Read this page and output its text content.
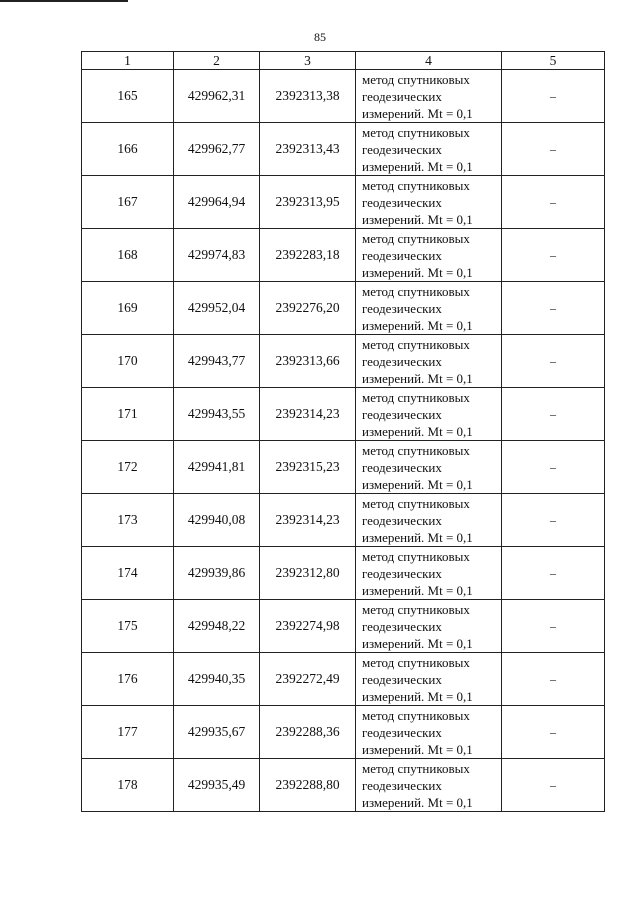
85
1	2	3	4	5
165	429962,31	2392313,38	метод спутниковых геодезических измерений. Mt = 0,1	–
166	429962,77	2392313,43	метод спутниковых геодезических измерений. Mt = 0,1	–
167	429964,94	2392313,95	метод спутниковых геодезических измерений. Mt = 0,1	–
168	429974,83	2392283,18	метод спутниковых геодезических измерений. Mt = 0,1	–
169	429952,04	2392276,20	метод спутниковых геодезических измерений. Mt = 0,1	–
170	429943,77	2392313,66	метод спутниковых геодезических измерений. Mt = 0,1	–
171	429943,55	2392314,23	метод спутниковых геодезических измерений. Mt = 0,1	–
172	429941,81	2392315,23	метод спутниковых геодезических измерений. Mt = 0,1	–
173	429940,08	2392314,23	метод спутниковых геодезических измерений. Mt = 0,1	–
174	429939,86	2392312,80	метод спутниковых геодезических измерений. Mt = 0,1	–
175	429948,22	2392274,98	метод спутниковых геодезических измерений. Mt = 0,1	–
176	429940,35	2392272,49	метод спутниковых геодезических измерений. Mt = 0,1	–
177	429935,67	2392288,36	метод спутниковых геодезических измерений. Mt = 0,1	–
178	429935,49	2392288,80	метод спутниковых геодезических измерений. Mt = 0,1	–
